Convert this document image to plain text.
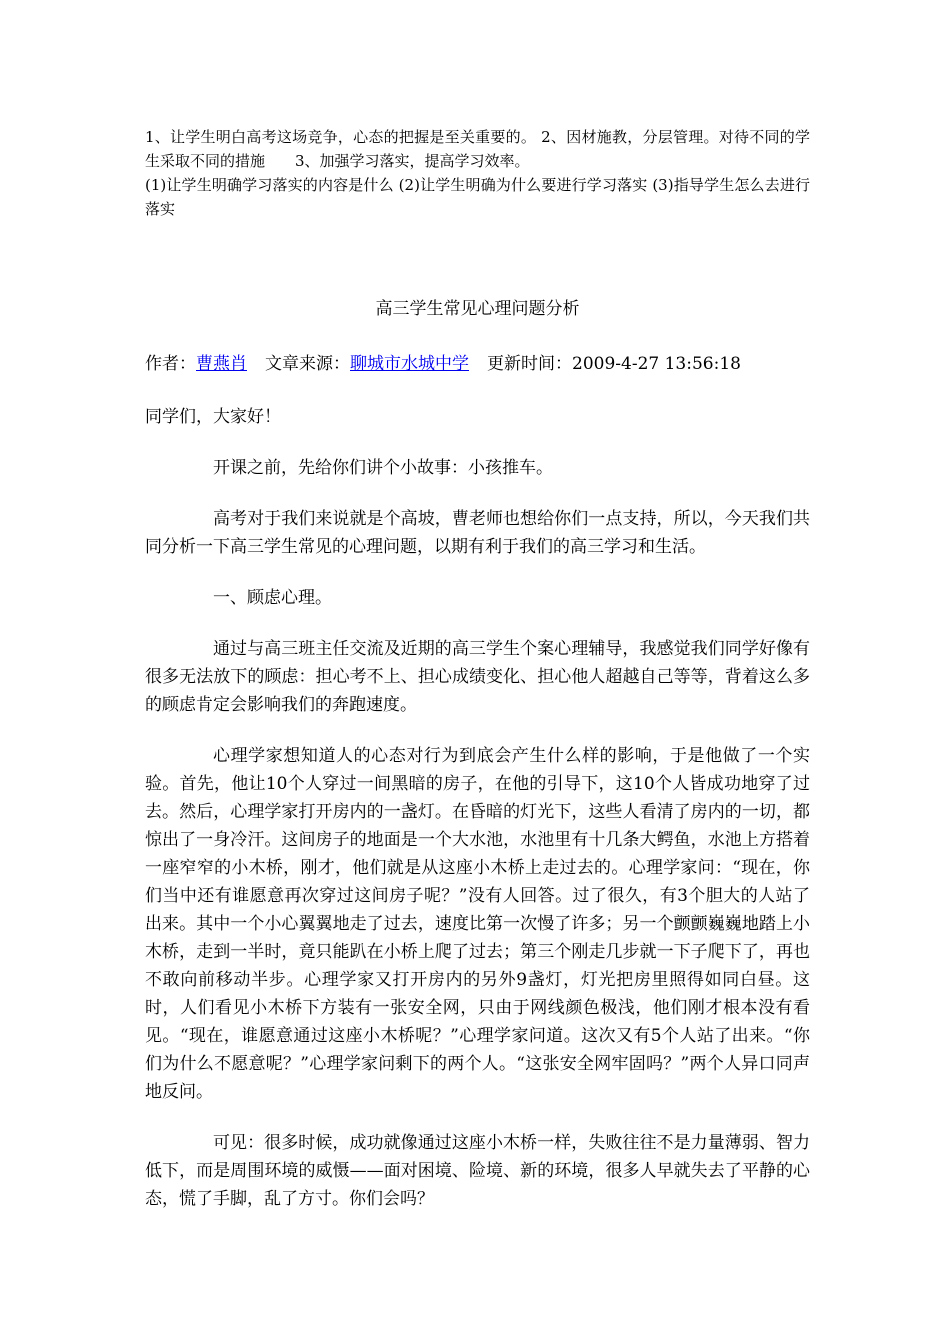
1、让学生明白高考这场竞争，心态的把握是至关重要的。 2、因材施教，分层管理。对待不同的学生采取不同的措施　　3、加强学习落实，提高学习效率。

(1)让学生明确学习落实的内容是什么 (2)让学生明确为什么要进行学习落实 (3)指导学生怎么去进行落实

高三学生常见心理问题分析
作者：曹燕肖 文章来源：聊城市水城中学 更新时间：2009-4-27 13:56:18

同学们，大家好！

开课之前，先给你们讲个小故事：小孩推车。

高考对于我们来说就是个高坡，曹老师也想给你们一点支持，所以，今天我们共同分析一下高三学生常见的心理问题，以期有利于我们的高三学习和生活。

一、顾虑心理。

通过与高三班主任交流及近期的高三学生个案心理辅导，我感觉我们同学好像有很多无法放下的顾虑：担心考不上、担心成绩变化、担心他人超越自己等等，背着这么多的顾虑肯定会影响我们的奔跑速度。

心理学家想知道人的心态对行为到底会产生什么样的影响，于是他做了一个实验。首先，他让10个人穿过一间黑暗的房子，在他的引导下，这10个人皆成功地穿了过去。然后，心理学家打开房内的一盏灯。在昏暗的灯光下，这些人看清了房内的一切，都惊出了一身冷汗。这间房子的地面是一个大水池，水池里有十几条大鳄鱼，水池上方搭着一座窄窄的小木桥，刚才，他们就是从这座小木桥上走过去的。心理学家问：“现在，你们当中还有谁愿意再次穿过这间房子呢？”没有人回答。过了很久，有3个胆大的人站了出来。其中一个小心翼翼地走了过去，速度比第一次慢了许多；另一个颤颤巍巍地踏上小木桥，走到一半时，竟只能趴在小桥上爬了过去；第三个刚走几步就一下子爬下了，再也不敢向前移动半步。心理学家又打开房内的另外9盏灯，灯光把房里照得如同白昼。这时，人们看见小木桥下方装有一张安全网，只由于网线颜色极浅，他们刚才根本没有看见。“现在，谁愿意通过这座小木桥呢？”心理学家问道。这次又有5个人站了出来。“你们为什么不愿意呢？”心理学家问剩下的两个人。“这张安全网牢固吗？”两个人异口同声地反问。

可见：很多时候，成功就像通过这座小木桥一样，失败往往不是力量薄弱、智力低下，而是周围环境的威慑——面对困境、险境、新的环境，很多人早就失去了平静的心态，慌了手脚，乱了方寸。你们会吗？
